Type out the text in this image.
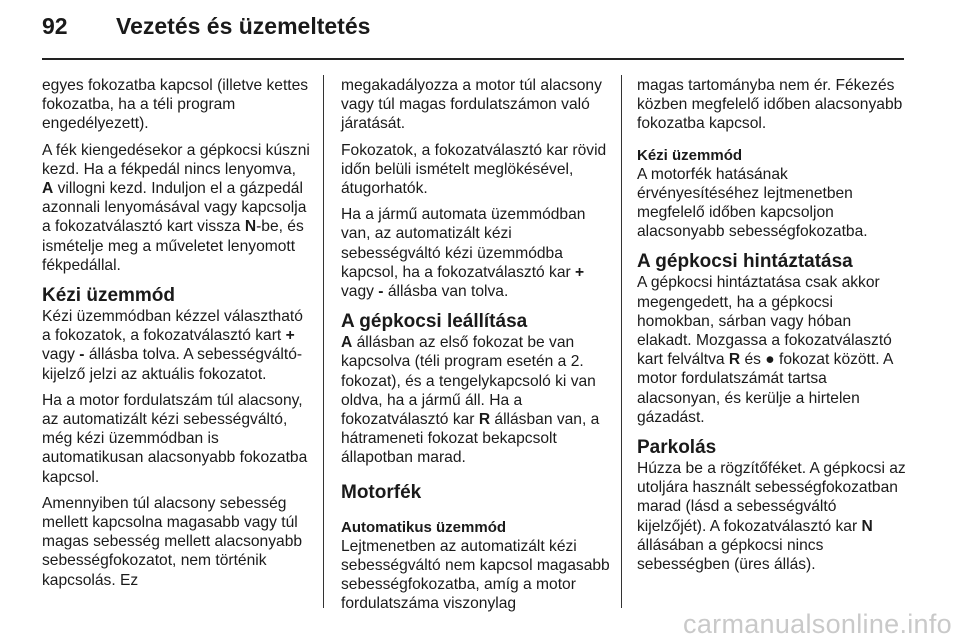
92 Vezetés és üzemeltetés

egyes fokozatba kapcsol (illetve kettes fokozatba, ha a téli program engedélyezett).

A fék kiengedésekor a gépkocsi kúszni kezd. Ha a fékpedál nincs lenyomva, A villogni kezd. Induljon el a gázpedál azonnali lenyomásával vagy kapcsolja a fokozatválasztó kart vissza N-be, és ismételje meg a műveletet lenyomott fékpedállal.

Kézi üzemmód

Kézi üzemmódban kézzel választható a fokozatok, a fokozatválasztó kart + vagy - állásba tolva. A sebességváltó-kijelző jelzi az aktuális fokozatot.

Ha a motor fordulatszám túl alacsony, az automatizált kézi sebességváltó, még kézi üzemmódban is automatikusan alacsonyabb fokozatba kapcsol.

Amennyiben túl alacsony sebesség mellett kapcsolna magasabb vagy túl magas sebesség mellett alacsonyabb sebességfokozatot, nem történik kapcsolás. Ez

megakadályozza a motor túl alacsony vagy túl magas fordulatszámon való járatását.

Fokozatok, a fokozatválasztó kar rövid időn belüli ismételt meglökésével, átugorhatók.

Ha a jármű automata üzemmódban van, az automatizált kézi sebességváltó kézi üzemmódba kapcsol, ha a fokozatválasztó kar + vagy - állásba van tolva.

A gépkocsi leállítása

A állásban az első fokozat be van kapcsolva (téli program esetén a 2. fokozat), és a tengelykapcsoló ki van oldva, ha a jármű áll. Ha a fokozatválasztó kar R állásban van, a hátrameneti fokozat bekapcsolt állapotban marad.

Motorfék
Automatikus üzemmód

Lejtmenetben az automatizált kézi sebességváltó nem kapcsol magasabb sebességfokozatba, amíg a motor fordulatszáma viszonylag

magas tartományba nem ér. Fékezés közben megfelelő időben alacsonyabb fokozatba kapcsol.

Kézi üzemmód

A motorfék hatásának érvényesítéséhez lejtmenetben megfelelő időben kapcsoljon alacsonyabb sebességfokozatba.

A gépkocsi hintáztatása

A gépkocsi hintáztatása csak akkor megengedett, ha a gépkocsi homokban, sárban vagy hóban elakadt. Mozgassa a fokozatválasztó kart felváltva R és ● fokozat között. A motor fordulatszámát tartsa alacsonyan, és kerülje a hirtelen gázadást.

Parkolás

Húzza be a rögzítőféket. A gépkocsi az utoljára használt sebességfokozatban marad (lásd a sebességváltó kijelzőjét). A fokozatválasztó kar N állásában a gépkocsi nincs sebességben (üres állás).

carmanualsonline.info
